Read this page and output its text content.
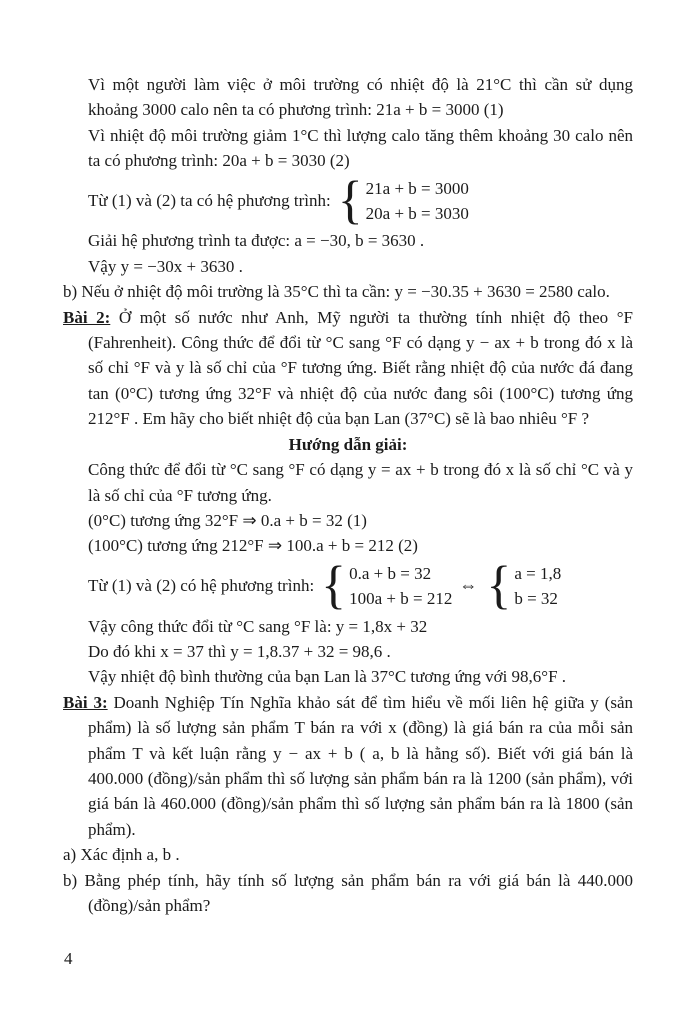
Vì một người làm việc ở môi trường có nhiệt độ là 21°C thì cần sử dụng khoảng 3000 calo nên ta có phương trình: 21a + b = 3000 (1)

Vì nhiệt độ môi trường giảm 1°C thì lượng calo tăng thêm khoảng 30 calo nên ta có phương trình: 20a + b = 3030 (2)

Từ (1) và (2) ta có hệ phương trình: { 21a + b = 3000
20a + b = 3030

Giải hệ phương trình ta được: a = −30, b = 3630 .

Vậy y = −30x + 3630 .

b) Nếu ở nhiệt độ môi trường là 35°C thì ta cần: y = −30.35 + 3630 = 2580 calo.

Bài 2: Ở một số nước như Anh, Mỹ người ta thường tính nhiệt độ theo °F (Fahrenheit). Công thức để đổi từ °C sang °F có dạng y − ax + b trong đó x là số chỉ °F và y là số chỉ của °F tương ứng. Biết rằng nhiệt độ của nước đá đang tan (0°C) tương ứng 32°F và nhiệt độ của nước đang sôi (100°C) tương ứng 212°F . Em hãy cho biết nhiệt độ của bạn Lan (37°C) sẽ là bao nhiêu °F ?

Hướng dẫn giải:

Công thức để đổi từ °C sang °F có dạng y = ax + b trong đó x là số chỉ °C và y là số chỉ của °F tương ứng.

(0°C) tương ứng 32°F ⇒ 0.a + b = 32 (1)

(100°C) tương ứng 212°F ⇒ 100.a + b = 212 (2)

Từ (1) và (2) có hệ phương trình: { 0.a + b = 32
100a + b = 212
⇔ { a = 1,8
b = 32

Vậy công thức đổi từ °C sang °F là: y = 1,8x + 32

Do đó khi x = 37 thì y = 1,8.37 + 32 = 98,6 .

Vậy nhiệt độ bình thường của bạn Lan là 37°C tương ứng với 98,6°F .

Bài 3: Doanh Nghiệp Tín Nghĩa khảo sát để tìm hiểu về mối liên hệ giữa y (sản phẩm) là số lượng sản phẩm T bán ra với x (đồng) là giá bán ra của mỗi sản phẩm T và kết luận rằng y − ax + b ( a, b là hằng số). Biết với giá bán là 400.000 (đồng)/sản phẩm thì số lượng sản phẩm bán ra là 1200 (sản phẩm), với giá bán là 460.000 (đồng)/sản phẩm thì số lượng sản phẩm bán ra là 1800 (sản phẩm).

a) Xác định a, b .

b) Bằng phép tính, hãy tính số lượng sản phẩm bán ra với giá bán là 440.000 (đồng)/sản phẩm?

4
